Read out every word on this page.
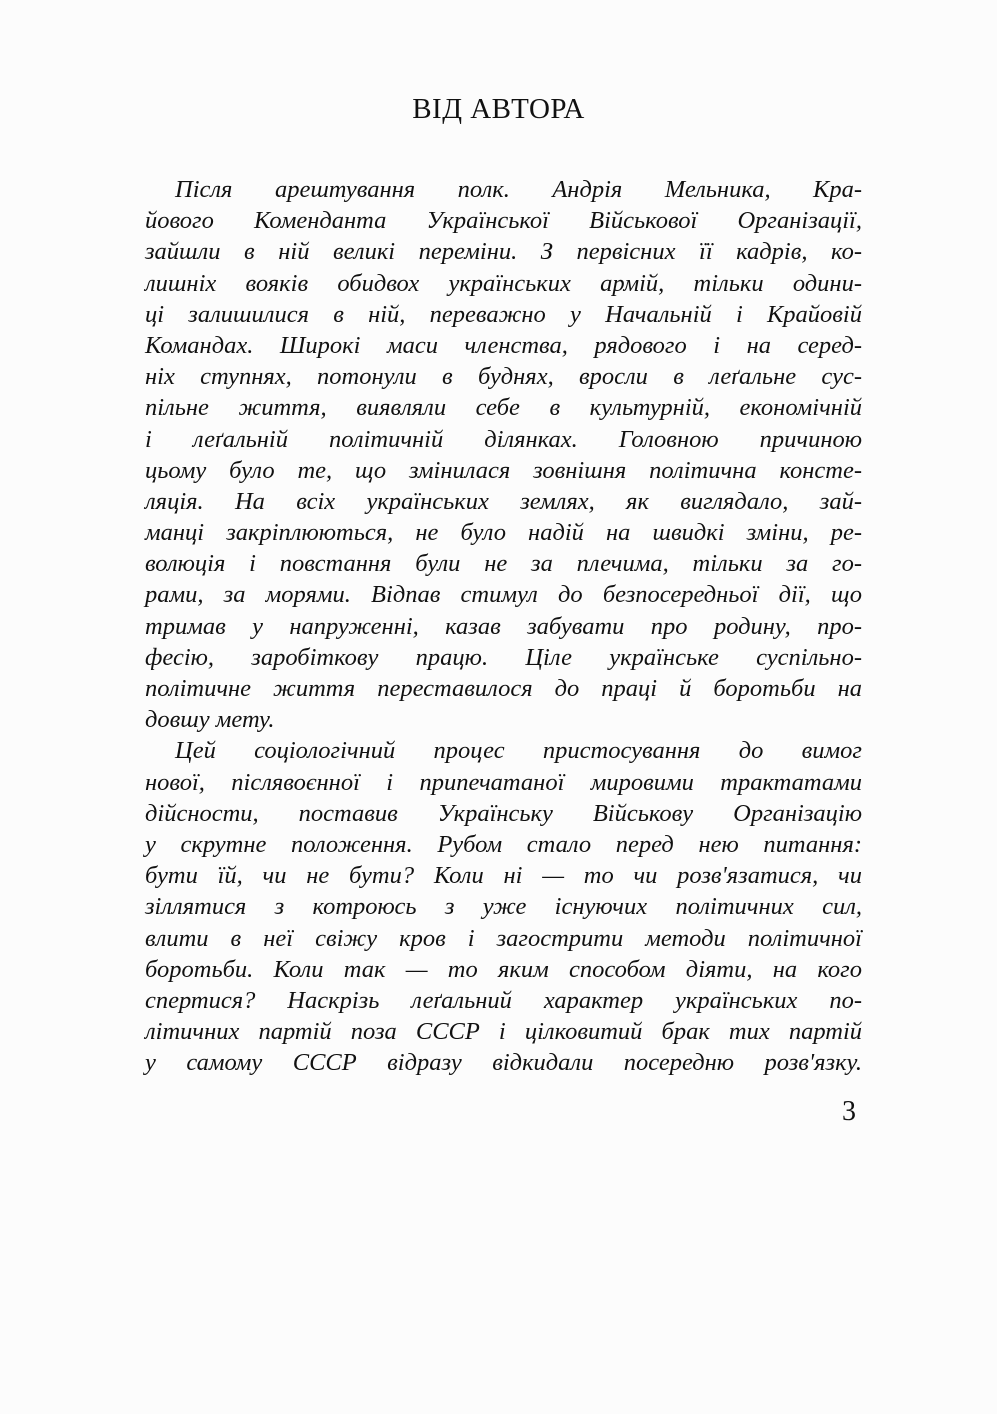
ВІД АВТОРА
Після арештування полк. Андрія Мельника, Кра-
йового Коменданта Української Військової Організації,
зайшли в ній великі переміни. З первісних її кадрів, ко-
лишніх вояків обидвох українських армій, тільки одини-
ці залишилися в ній, переважно у Начальній і Крайовій
Командах. Широкі маси членства, рядового і на серед-
ніх ступнях, потонули в буднях, вросли в леґальне сус-
пільне життя, виявляли себе в культурній, економічній
і леґальній політичній ділянках. Головною причиною
цьому було те, що змінилася зовнішня політична консте-
ляція. На всіх українських землях, як виглядало, зай-
манці закріплюються, не було надій на швидкі зміни, ре-
волюція і повстання були не за плечима, тільки за го-
рами, за морями. Відпав стимул до безпосередньої дії, що
тримав у напруженні, казав забувати про родину, про-
фесію, заробіткову працю. Ціле українське суспільно-
політичне життя переставилося до праці й боротьби на
довшу мету.
Цей соціологічний процес пристосування до вимог
нової, післявоєнної і припечатаної мировими трактатами
дійсности, поставив Українську Військову Організацію
у скрутне положення. Рубом стало перед нею питання:
бути їй, чи не бути? Коли ні — то чи розв'язатися, чи
зіллятися з котроюсь з уже існуючих політичних сил,
влити в неї свіжу кров і загострити методи політичної
боротьби. Коли так — то яким способом діяти, на кого
спертися? Наскрізь леґальний характер українських по-
літичних партій поза СССР і цілковитий брак тих партій
у самому СССР відразу відкидали посередню розв'язку.
3
